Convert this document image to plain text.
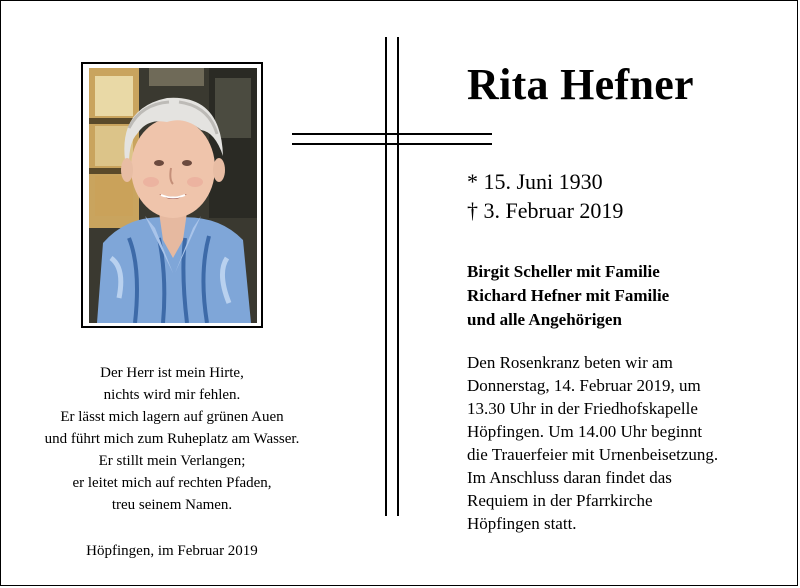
Rita Hefner
* 15. Juni 1930
† 3. Februar 2019
Birgit Scheller mit Familie
Richard Hefner mit Familie
und alle Angehörigen
Den Rosenkranz beten wir am
Donnerstag, 14. Februar 2019, um
13.30 Uhr in der Friedhofskapelle
Höpfingen. Um 14.00 Uhr beginnt
die Trauerfeier mit Urnenbeisetzung.
Im Anschluss daran findet das
Requiem in der Pfarrkirche
Höpfingen statt.
Der Herr ist mein Hirte,
nichts wird mir fehlen.
Er lässt mich lagern auf grünen Auen
und führt mich zum Ruheplatz am Wasser.
Er stillt mein Verlangen;
er leitet mich auf rechten Pfaden,
treu seinem Namen.
Höpfingen, im Februar 2019
